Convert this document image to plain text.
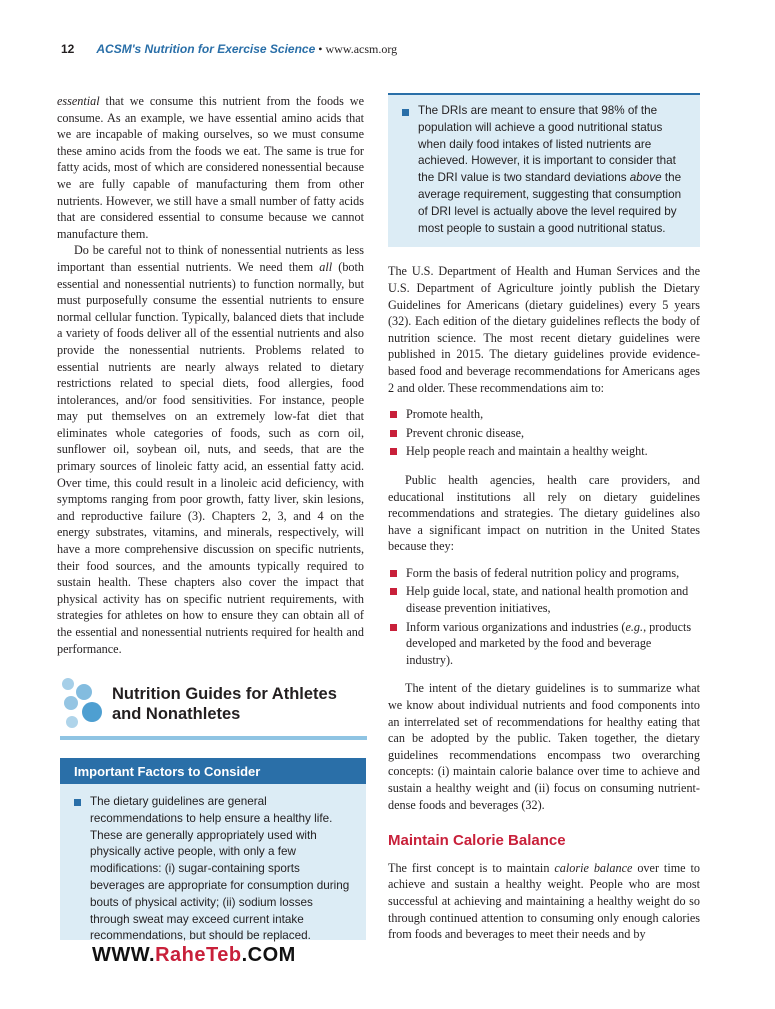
12 ACSM's Nutrition for Exercise Science • www.acsm.org

essential that we consume this nutrient from the foods we consume. As an example, we have essential amino acids that we are incapable of making ourselves, so we must consume these amino acids from the foods we eat. The same is true for fatty acids, most of which are considered nonessential because we are fully capable of manufacturing them from other nutrients. However, we still have a small number of fatty acids that are considered essential to consume because we cannot manufacture them.

Do be careful not to think of nonessential nutrients as less important than essential nutrients. We need them all (both essential and nonessential nutrients) to function normally, but must purposefully consume the essential nutrients to ensure normal cellular function. Typically, balanced diets that include a variety of foods deliver all of the essential nutrients and also provide the nonessential nutrients. Problems related to essential nutrients are nearly always related to dietary restrictions related to special diets, food allergies, food intolerances, and/or food sensitivities. For instance, people may put themselves on an extremely low-fat diet that eliminates whole categories of foods, such as corn oil, sunflower oil, soybean oil, nuts, and seeds, that are the primary sources of linoleic fatty acid, an essential fatty acid. Over time, this could result in a linoleic acid deficiency, with symptoms ranging from poor growth, fatty liver, skin lesions, and reproductive failure (3). Chapters 2, 3, and 4 on the energy substrates, vitamins, and minerals, respectively, will have a more comprehensive discussion on specific nutrients, their food sources, and the amounts typically required to sustain health. These chapters also cover the impact that physical activity has on specific nutrient requirements, with strategies for athletes on how to ensure they can obtain all of the essential and nonessential nutrients required for health and performance.

Nutrition Guides for Athletes
and Nonathletes
Important Factors to Consider
The dietary guidelines are general recommendations to help ensure a healthy life. These are generally appropriately used with physically active people, with only a few modifications: (i) sugar-containing sports beverages are appropriate for consumption during bouts of physical activity; (ii) sodium losses through sweat may exceed current intake recommendations, but should be replaced.
The DRIs are meant to ensure that 98% of the population will achieve a good nutritional status when daily food intakes of listed nutrients are achieved. However, it is important to consider that the DRI value is two standard deviations above the average requirement, suggesting that consumption of DRI level is actually above the level required by most people to sustain a good nutritional status.

The U.S. Department of Health and Human Services and the U.S. Department of Agriculture jointly publish the Dietary Guidelines for Americans (dietary guidelines) every 5 years (32). Each edition of the dietary guidelines reflects the body of nutrition science. The most recent dietary guidelines were published in 2015. The dietary guidelines provide evidence-based food and beverage recommendations for Americans ages 2 and older. These recommendations aim to:

Promote health,
Prevent chronic disease,
Help people reach and maintain a healthy weight.

Public health agencies, health care providers, and educational institutions all rely on dietary guidelines recommendations and strategies. The dietary guidelines also have a significant impact on nutrition in the United States because they:

Form the basis of federal nutrition policy and programs,
Help guide local, state, and national health promotion and disease prevention initiatives,
Inform various organizations and industries (e.g., products developed and marketed by the food and beverage industry).

The intent of the dietary guidelines is to summarize what we know about individual nutrients and food components into an interrelated set of recommendations for healthy eating that can be adopted by the public. Taken together, the dietary guidelines recommendations encompass two overarching concepts: (i) maintain calorie balance over time to achieve and sustain a healthy weight and (ii) focus on consuming nutrient-dense foods and beverages (32).

Maintain Calorie Balance

The first concept is to maintain calorie balance over time to achieve and sustain a healthy weight. People who are most successful at achieving and maintaining a healthy weight do so through continued attention to consuming only enough calories from foods and beverages to meet their needs and by

WWW.RaheTeb.COM
